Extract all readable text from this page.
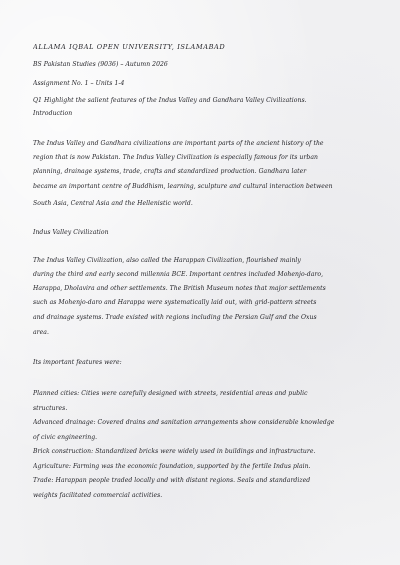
ALLAMA IQBAL OPEN UNIVERSITY, ISLAMABAD
BS Pakistan Studies (9036) – Autumn 2026
Assignment No. 1 – Units 1-4
Q1 Highlight the salient features of the Indus Valley and Gandhara Valley Civilizations.
Introduction
The Indus Valley and Gandhara civilizations are important parts of the ancient history of the
region that is now Pakistan. The Indus Valley Civilization is especially famous for its urban
planning, drainage systems, trade, crafts and standardized production. Gandhara later
became an important centre of Buddhism, learning, sculpture and cultural interaction between
South Asia, Central Asia and the Hellenistic world.
Indus Valley Civilization
The Indus Valley Civilization, also called the Harappan Civilization, flourished mainly
during the third and early second millennia BCE. Important centres included Mohenjo-daro,
Harappa, Dholavira and other settlements. The British Museum notes that major settlements
such as Mohenjo-daro and Harappa were systematically laid out, with grid-pattern streets
and drainage systems. Trade existed with regions including the Persian Gulf and the Oxus
area.
Its important features were:
Planned cities: Cities were carefully designed with streets, residential areas and public
structures.
Advanced drainage: Covered drains and sanitation arrangements show considerable knowledge
of civic engineering.
Brick construction: Standardized bricks were widely used in buildings and infrastructure.
Agriculture: Farming was the economic foundation, supported by the fertile Indus plain.
Trade: Harappan people traded locally and with distant regions. Seals and standardized
weights facilitated commercial activities.
